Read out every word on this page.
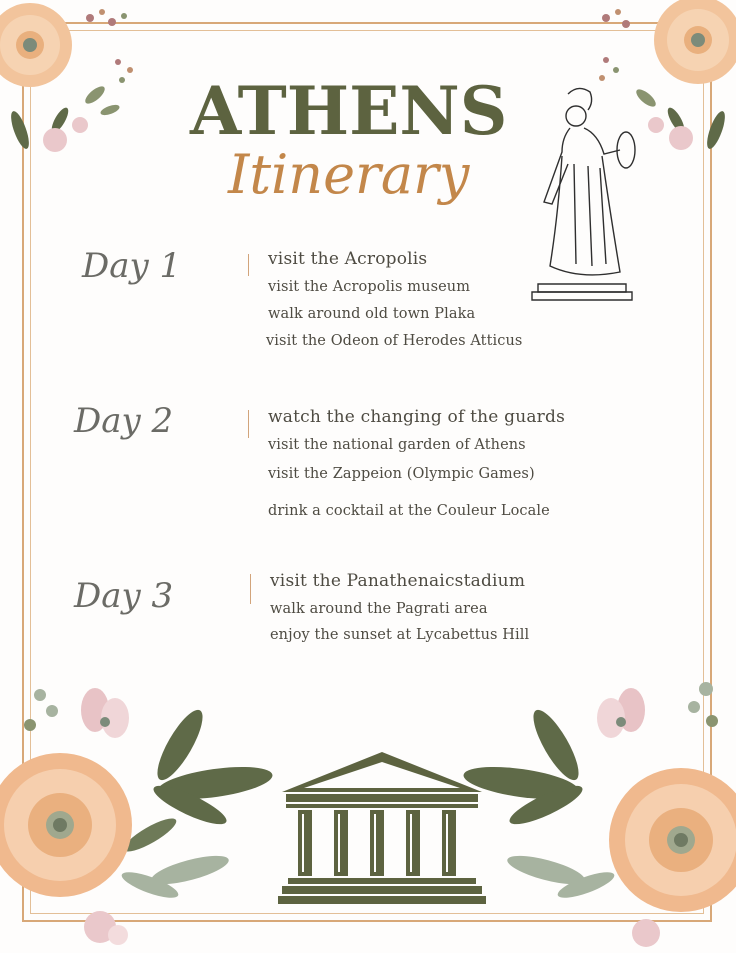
ATHENS
Itinerary
Day 1	visit the Acropolis
visit the Acropolis museum
walk around old town Plaka
visit the Odeon of Herodes Atticus
Day 2	watch the changing of the guards
visit the national garden of Athens
visit the Zappeion (Olympic Games)
drink a cocktail at the Couleur Locale
Day 3	visit the Panathenaicstadium
walk around the Pagrati area
enjoy the sunset at Lycabettus Hill
